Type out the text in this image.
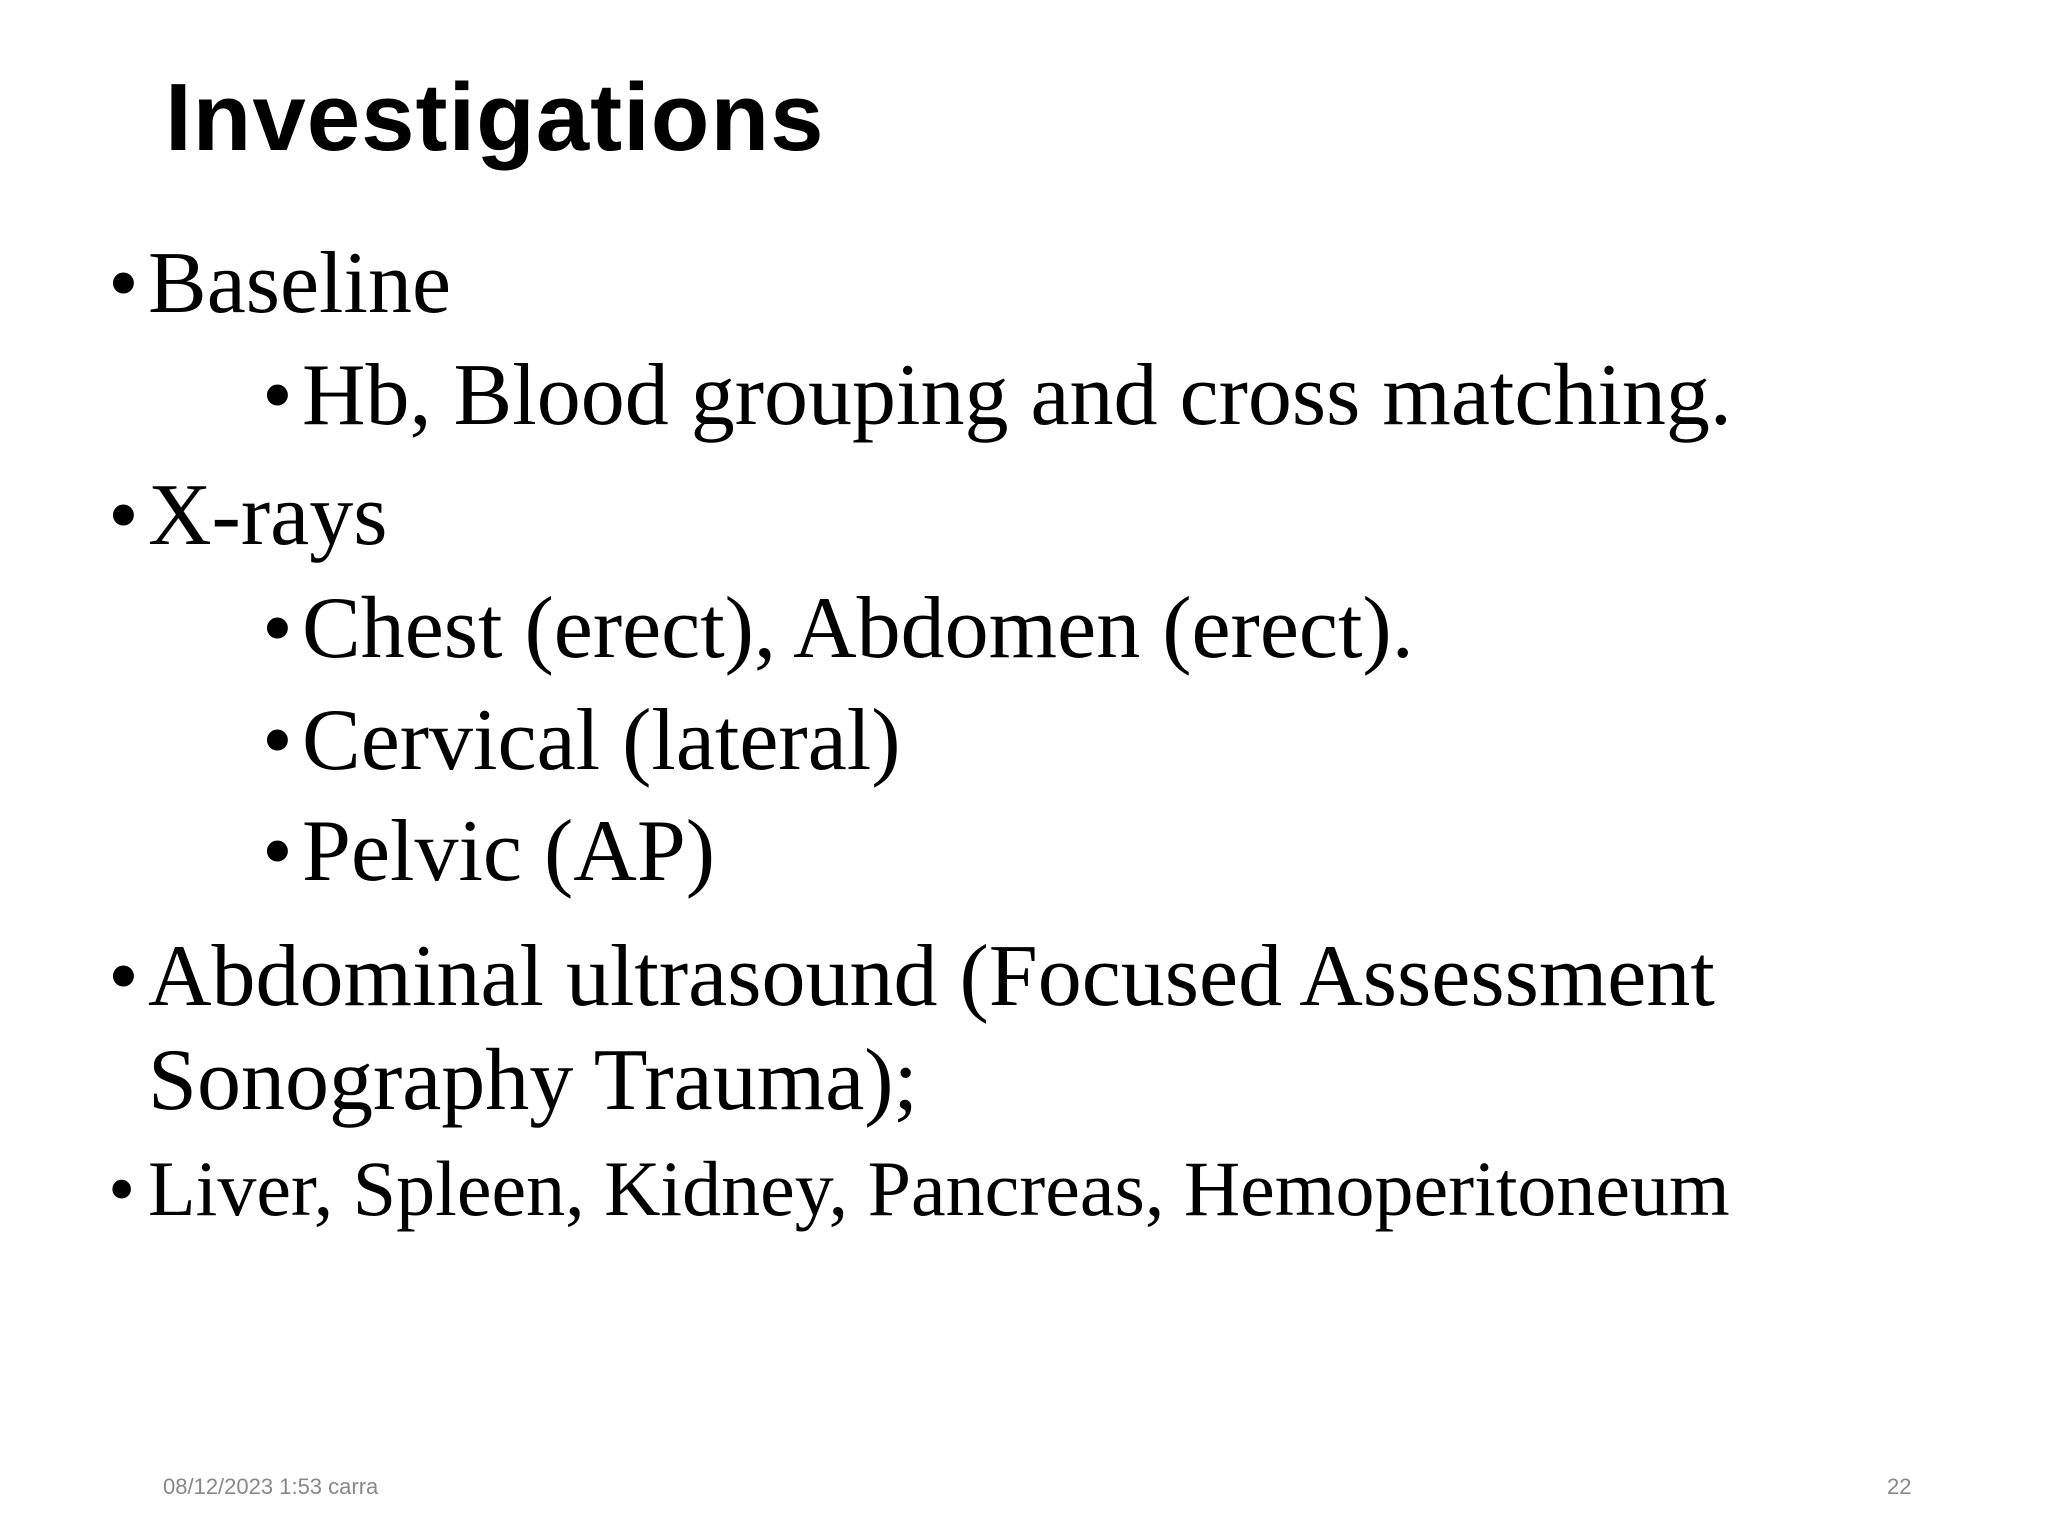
Investigations
• Baseline
• Hb, Blood grouping and cross matching.
• X-rays
• Chest (erect), Abdomen (erect).
• Cervical (lateral)
• Pelvic (AP)
• Abdominal ultrasound (Focused Assessment Sonography Trauma);
• Liver, Spleen, Kidney, Pancreas, Hemoperitoneum
08/12/2023 1:53 carra	22
